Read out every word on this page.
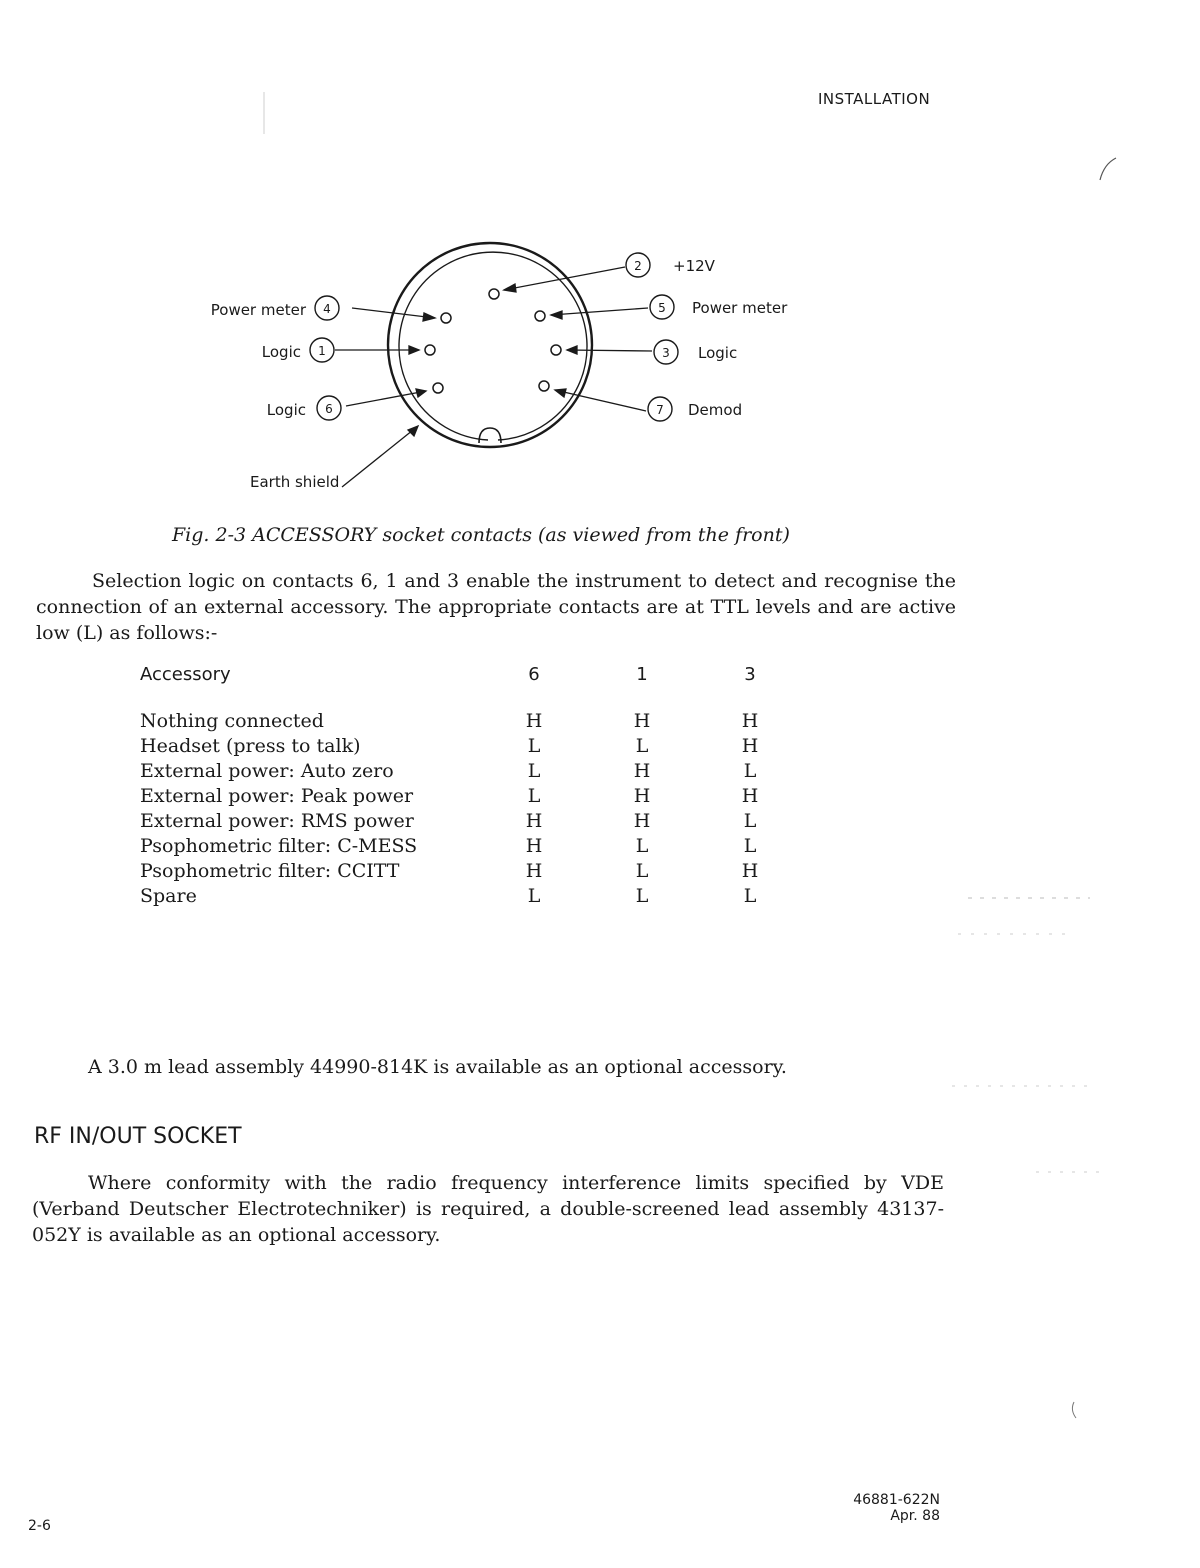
INSTALLATION
2
4	5
1	3
6	7
+12V
Power meter	Power meter
Logic	Logic
Logic	Demod
Earth shield
Fig. 2-3 ACCESSORY socket contacts (as viewed from the front)
Selection logic on contacts 6, 1 and 3 enable the instrument to detect and recognise the connection of an external accessory. The appropriate contacts are at TTL levels and are active low (L) as follows:-
Accessory	6	1	3
Nothing connected	H	H	H
Headset (press to talk)	L	L	H
External power: Auto zero	L	H	L
External power: Peak power	L	H	H
External power: RMS power	H	H	L
Psophometric filter: C-MESS	H	L	L
Psophometric filter: CCITT	H	L	H
Spare	L	L	L
A 3.0 m lead assembly 44990-814K is available as an optional accessory.
RF IN/OUT SOCKET
Where conformity with the radio frequency interference limits specified by VDE (Verband Deutscher Electrotechniker) is required, a double-screened lead assembly 43137-052Y is available as an optional accessory.
2-6
46881-622N
Apr. 88
